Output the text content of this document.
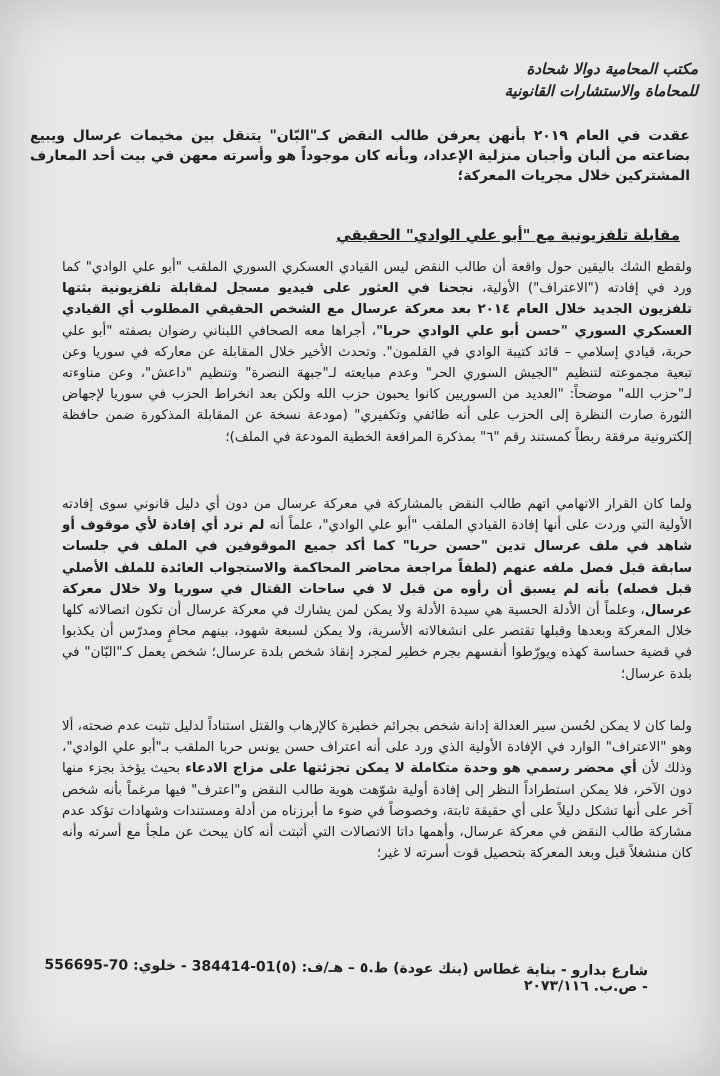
مكتب المحامية دوالا شحادة
للمحاماة والاستشارات القانونية
عقدت في العام ٢٠١٩ بأنهن يعرفن طالب النقض كـ"البّان" يتنقل بين مخيمات عرسال ويبيع بضاعته من ألبان وأجبان منزلية الإعداد، وبأنه كان موجوداً هو وأسرته معهن في بيت أحد المعارف المشتركين خلال مجريات المعركة؛
مقابلة تلفزيونية مع "أبو علي الوادي" الحقيقي
ولقطع الشك باليقين حول واقعة أن طالب النقض ليس القيادي العسكري السوري الملقب "أبو علي الوادي" كما ورد في إفادته ("الاعتراف") الأولية، نجحنا في العثور على فيديو مسجل لمقابلة تلفزيونية بثتها تلفزيون الجديد خلال العام ٢٠١٤ بعد معركة عرسال مع الشخص الحقيقي المطلوب أي القيادي العسكري السوري "حسن أبو علي الوادي حربا"، أجراها معه الصحافي اللبناني رضوان بصفته "أبو علي حربة، قيادي إسلامي – قائد كتيبة الوادي في القلمون". وتحدث الأخير خلال المقابلة عن معاركه في سوريا وعن تبعية مجموعته لتنظيم "الجيش السوري الحر" وعدم مبايعته لـ"جبهة النصرة" وتنظيم "داعش"، وعن مناوءته لـ"حزب الله" موضحاً: "العديد من السوريين كانوا يحبون حزب الله ولكن بعد انخراط الحزب في سوريا لإجهاض الثورة صارت النظرة إلى الحزب على أنه طائفي وتكفيري" (مودعة نسخة عن المقابلة المذكورة ضمن حافظة إلكترونية مرفقة ربطاً كمستند رقم "٦" بمذكرة المرافعة الخطية المودعة في الملف)؛
ولما كان القرار الاتهامي اتهم طالب النقض بالمشاركة في معركة عرسال من دون أي دليل قانوني سوى إفادته الأولية التي وردت على أنها إفادة القيادي الملقب "أبو علي الوادي"، علماً أنه لم ترد أي إفادة لأي موقوف أو شاهد في ملف عرسال تدين "حسن حربا" كما أكد جميع الموقوفين في الملف في جلسات سابقة قبل فصل ملفه عنهم (لطفاً مراجعة محاضر المحاكمة والاستجواب العائدة للملف الأصلي قبل فصله) بأنه لم يسبق أن رأوه من قبل لا في ساحات القتال في سوريا ولا خلال معركة عرسال، وعلماً أن الأدلة الحسية هي سيدة الأدلة ولا يمكن لمن يشارك في معركة عرسال أن تكون اتصالاته كلها خلال المعركة وبعدها وقبلها تقتصر على انشغالاته الأسرية، ولا يمكن لسبعة شهود، بينهم محامٍ ومدرّس أن يكذبوا في قضية حساسة كهذه ويورّطوا أنفسهم بجرم خطير لمجرد إنقاذ شخص بلدة عرسال؛ شخص يعمل كـ"البّان" في بلدة عرسال؛
ولما كان لا يمكن لحُسن سير العدالة إدانة شخص بجرائم خطيرة كالإرهاب والقتل استناداً لدليل تثبت عدم صحته، ألا وهو "الاعتراف" الوارد في الإفادة الأولية الذي ورد على أنه اعتراف حسن يونس حربا الملقب بـ"أبو علي الوادي"، وذلك لأن أي محضر رسمي هو وحدة متكاملة لا يمكن تجزئتها على مزاج الادعاء بحيث يؤخذ بجزء منها دون الآخر، فلا يمكن استطراداً النظر إلى إفادة أولية شوّهت هوية طالب النقض و"اعترف" فيها مرغماً بأنه شخص آخر على أنها تشكل دليلاً على أي حقيقة ثابتة، وخصوصاً في ضوء ما أبرزناه من أدلة ومستندات وشهادات تؤكد عدم مشاركة طالب النقض في معركة عرسال، وأهمها داتا الاتصالات التي أثبتت أنه كان يبحث عن ملجأ مع أسرته وأنه كان منشغلاً قبل وبعد المعركة بتحصيل قوت أسرته لا غير؛
شارع بدارو - بناية غطاس (بنك عودة) ط.٥ – هـ/ف: (٥)01-384414 - خلوي: 70-556695 - ص.ب. ٢٠٧٣/١١٦
